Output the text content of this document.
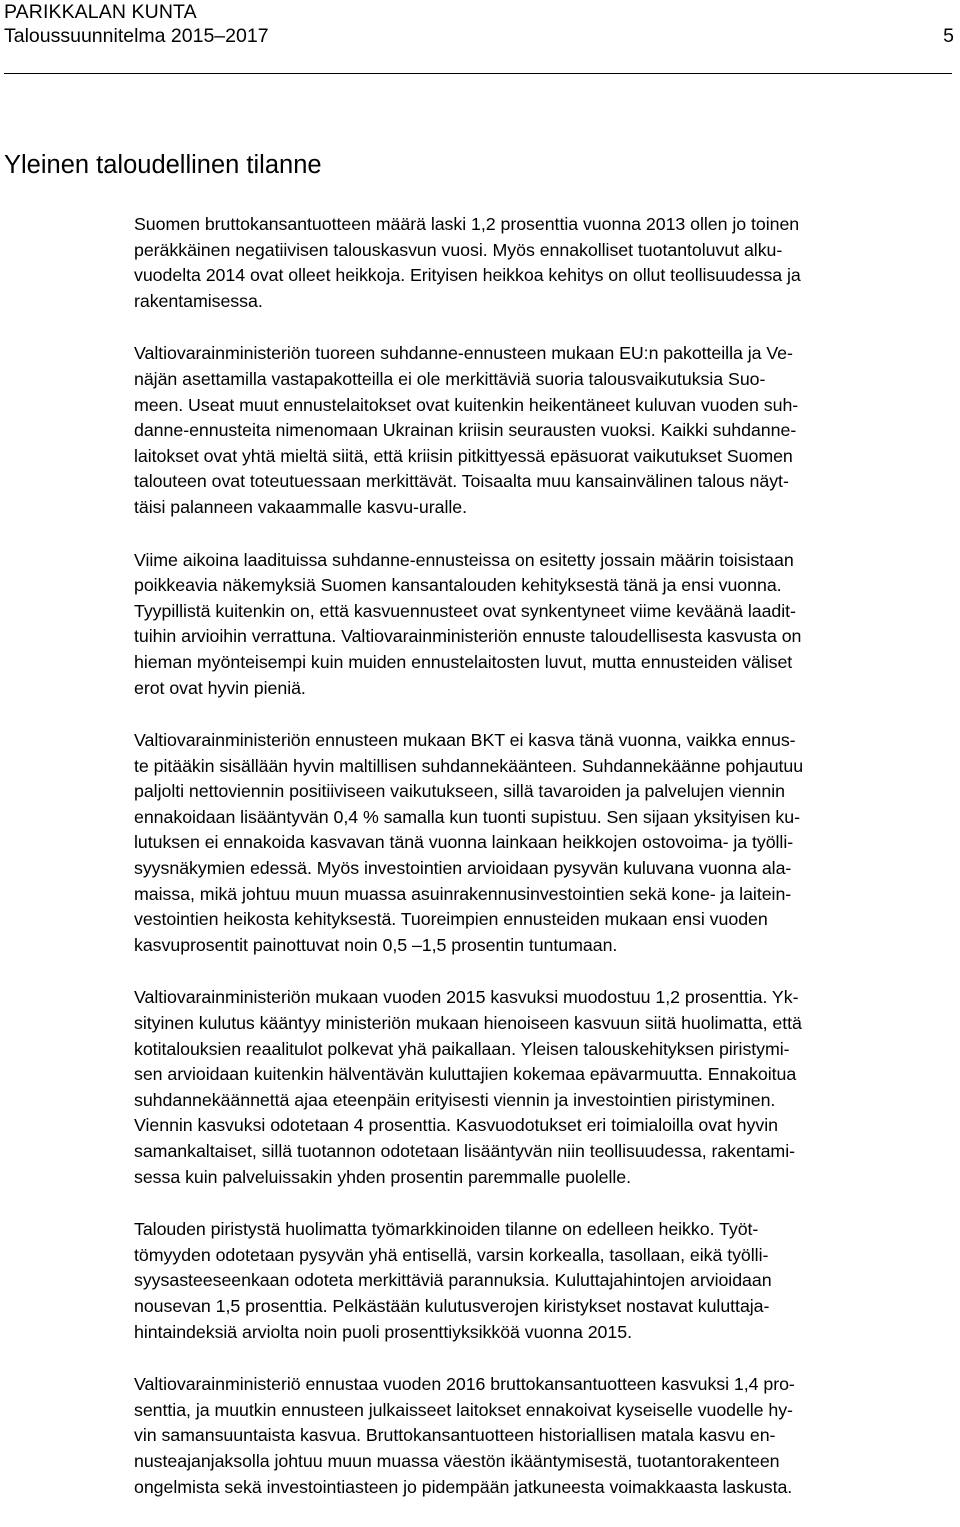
PARIKKALAN KUNTA
Taloussuunnitelma 2015–2017	5
Yleinen taloudellinen tilanne

Suomen bruttokansantuotteen määrä laski 1,2 prosenttia vuonna 2013 ollen jo toinen
peräkkäinen negatiivisen talouskasvun vuosi. Myös ennakolliset tuotantoluvut alku-
vuodelta 2014 ovat olleet heikkoja. Erityisen heikkoa kehitys on ollut teollisuudessa ja
rakentamisessa.

Valtiovarainministeriön tuoreen suhdanne-ennusteen mukaan EU:n pakotteilla ja Ve-
näjän asettamilla vastapakotteilla ei ole merkittäviä suoria talousvaikutuksia Suo-
meen. Useat muut ennustelaitokset ovat kuitenkin heikentäneet kuluvan vuoden suh-
danne-ennusteita nimenomaan Ukrainan kriisin seurausten vuoksi. Kaikki suhdanne-
laitokset ovat yhtä mieltä siitä, että kriisin pitkittyessä epäsuorat vaikutukset Suomen
talouteen ovat toteutuessaan merkittävät. Toisaalta muu kansainvälinen talous näyt-
täisi palanneen vakaammalle kasvu-uralle.

Viime aikoina laadituissa suhdanne-ennusteissa on esitetty jossain määrin toisistaan
poikkeavia näkemyksiä Suomen kansantalouden kehityksestä tänä ja ensi vuonna.
Tyypillistä kuitenkin on, että kasvuennusteet ovat synkentyneet viime keväänä laadit-
tuihin arvioihin verrattuna. Valtiovarainministeriön ennuste taloudellisesta kasvusta on
hieman myönteisempi kuin muiden ennustelaitosten luvut, mutta ennusteiden väliset
erot ovat hyvin pieniä.

Valtiovarainministeriön ennusteen mukaan BKT ei kasva tänä vuonna, vaikka ennus-
te pitääkin sisällään hyvin maltillisen suhdannekäänteen. Suhdannekäänne pohjautuu
paljolti nettoviennin positiiviseen vaikutukseen, sillä tavaroiden ja palvelujen viennin
ennakoidaan lisääntyvän 0,4 % samalla kun tuonti supistuu. Sen sijaan yksityisen ku-
lutuksen ei ennakoida kasvavan tänä vuonna lainkaan heikkojen ostovoima- ja työlli-
syysnäkymien edessä. Myös investointien arvioidaan pysyvän kuluvana vuonna ala-
maissa, mikä johtuu muun muassa asuinrakennusinvestointien sekä kone- ja laitein-
vestointien heikosta kehityksestä. Tuoreimpien ennusteiden mukaan ensi vuoden
kasvuprosentit painottuvat noin 0,5 –1,5 prosentin tuntumaan.

Valtiovarainministeriön mukaan vuoden 2015 kasvuksi muodostuu 1,2 prosenttia. Yk-
sityinen kulutus kääntyy ministeriön mukaan hienoiseen kasvuun siitä huolimatta, että
kotitalouksien reaalitulot polkevat yhä paikallaan. Yleisen talouskehityksen piristymi-
sen arvioidaan kuitenkin hälventävän kuluttajien kokemaa epävarmuutta. Ennakoitua
suhdannekäännettä ajaa eteenpäin erityisesti viennin ja investointien piristyminen.
Viennin kasvuksi odotetaan 4 prosenttia. Kasvuodotukset eri toimialoilla ovat hyvin
samankaltaiset, sillä tuotannon odotetaan lisääntyvän niin teollisuudessa, rakentami-
sessa kuin palveluissakin yhden prosentin paremmalle puolelle.

Talouden piristystä huolimatta työmarkkinoiden tilanne on edelleen heikko. Työt-
tömyyden odotetaan pysyvän yhä entisellä, varsin korkealla, tasollaan, eikä työlli-
syysasteeseenkaan odoteta merkittäviä parannuksia. Kuluttajahintojen arvioidaan
nousevan 1,5 prosenttia. Pelkästään kulutusverojen kiristykset nostavat kuluttaja-
hintaindeksiä arviolta noin puoli prosenttiyksikköä vuonna 2015.

Valtiovarainministeriö ennustaa vuoden 2016 bruttokansantuotteen kasvuksi 1,4 pro-
senttia, ja muutkin ennusteen julkaisseet laitokset ennakoivat kyseiselle vuodelle hy-
vin samansuuntaista kasvua. Bruttokansantuotteen historiallisen matala kasvu en-
nusteajanjaksolla johtuu muun muassa väestön ikääntymisestä, tuotantorakenteen
ongelmista sekä investointiasteen jo pidempään jatkuneesta voimakkaasta laskusta.
